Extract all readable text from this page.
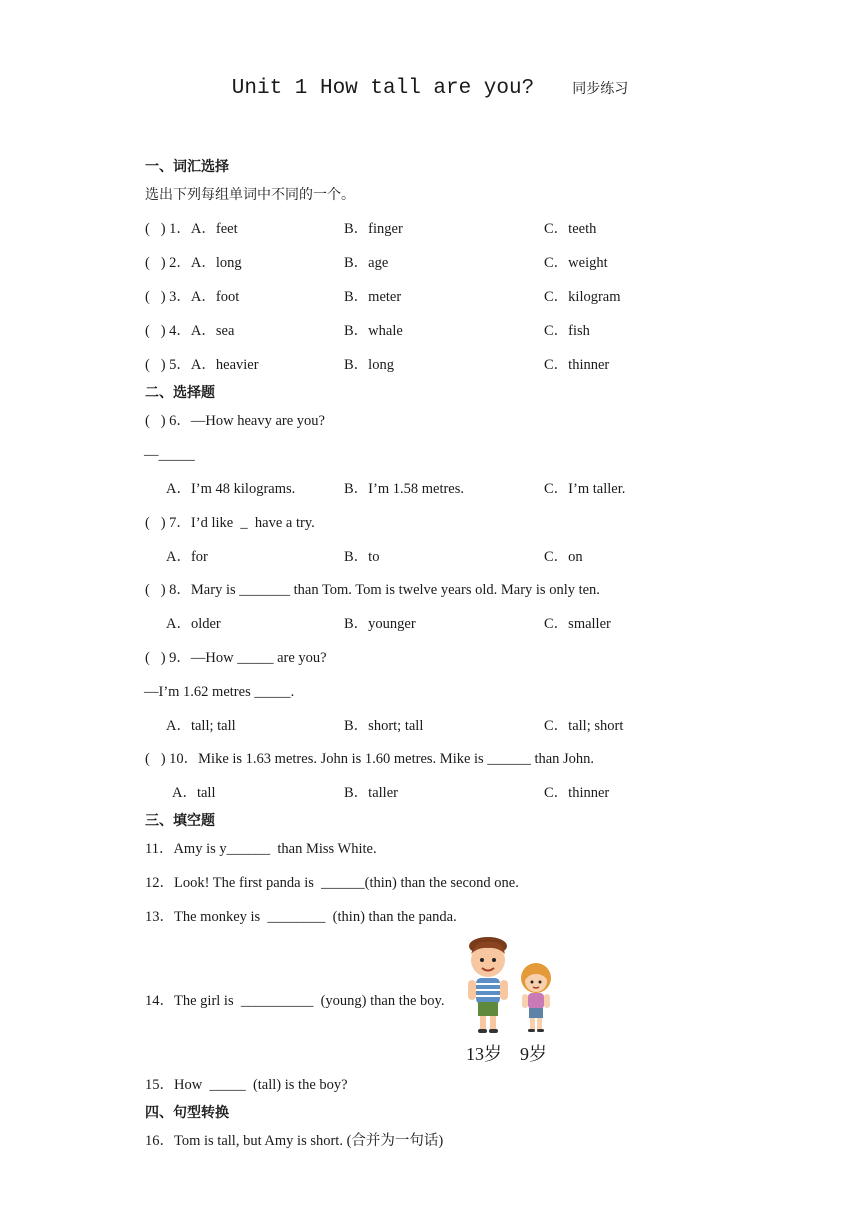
Unit 1 How tall are you?	同步练习
一、词汇选择
选出下列每组单词中不同的一个。
(   ) 1．A．feet	B．finger	C．teeth
(   ) 2．A．long	B．age	C．weight
(   ) 3．A．foot	B．meter	C．kilogram
(   ) 4．A．sea	B．whale	C．fish
(   ) 5．A．heavier	B．long	C．thinner
二、选择题
(   ) 6．—How heavy are you?
—_____
A．I’m 48 kilograms.	B．I’m 1.58 metres.	C．I’m taller.
(   ) 7．I’d like  _  have a try.
A．for	B．to	C．on
(   ) 8．Mary is _______ than Tom. Tom is twelve years old. Mary is only ten.
A．older	B．younger	C．smaller
(   ) 9．—How _____ are you?
—I’m 1.62 metres _____.
A．tall; tall	B．short; tall	C．tall; short
(   ) 10．Mike is 1.63 metres. John is 1.60 metres. Mike is ______ than John.
A．tall	B．taller	C．thinner
三、填空题
11．Amy is y______  than Miss White.
12．Look! The first panda is  ______(thin) than the second one.
13．The monkey is  ________  (thin) than the panda.
14．The girl is  __________  (young) than the boy.
13岁 9岁
15．How  _____  (tall) is the boy?
四、句型转换
16．Tom is tall, but Amy is short. (合并为一句话)
